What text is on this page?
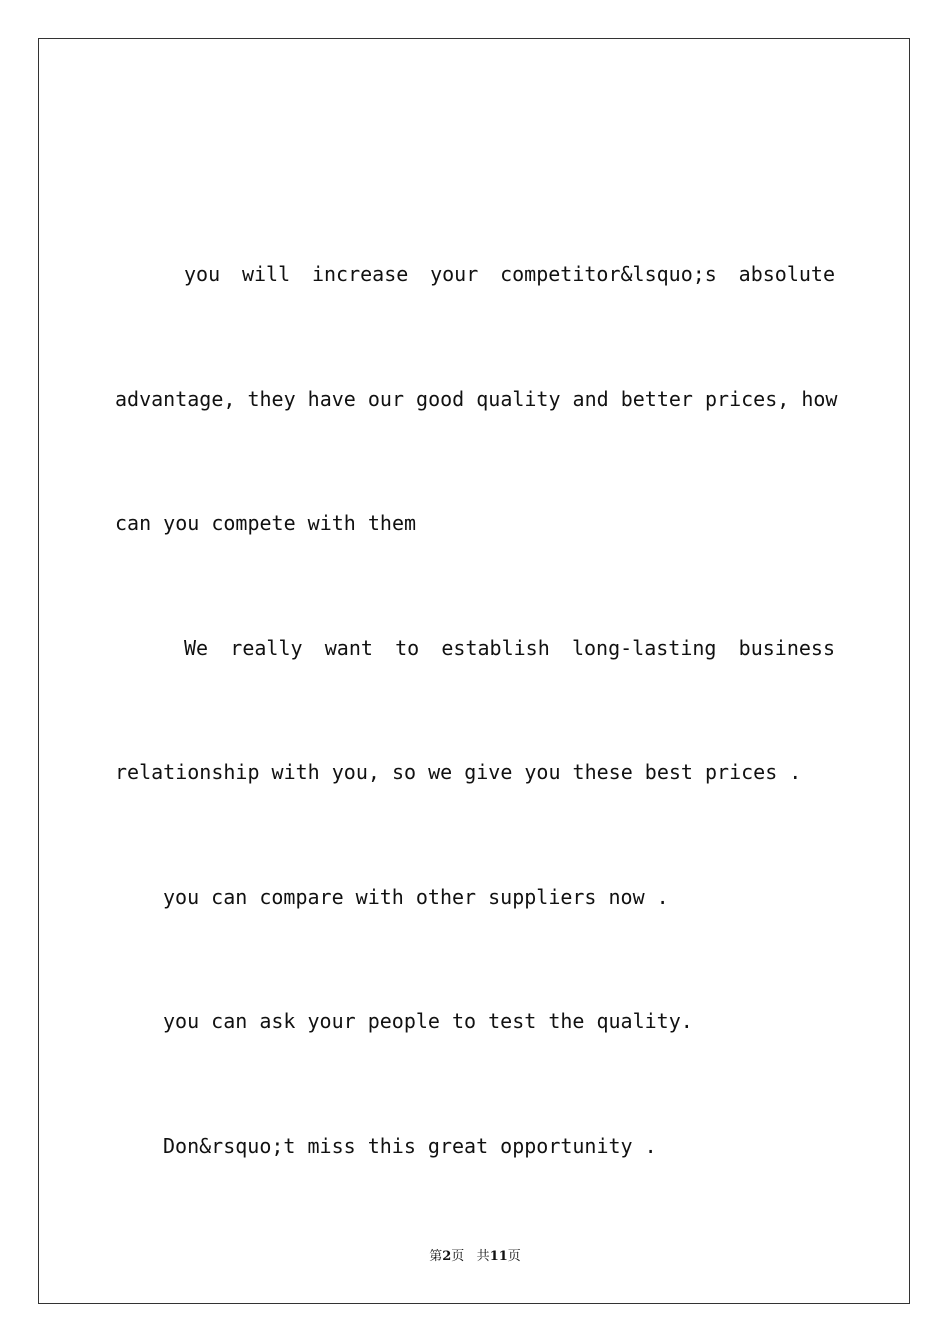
you will increase your competitor&lsquo;s absolute

advantage, they have our good quality and better prices, how

can you compete with them

We really want to establish long-lasting business

relationship with you, so we give you these best prices .

you can compare with other suppliers now .

you can ask your people to test the quality.

Don&rsquo;t miss this great opportunity .

第2页 共11页
